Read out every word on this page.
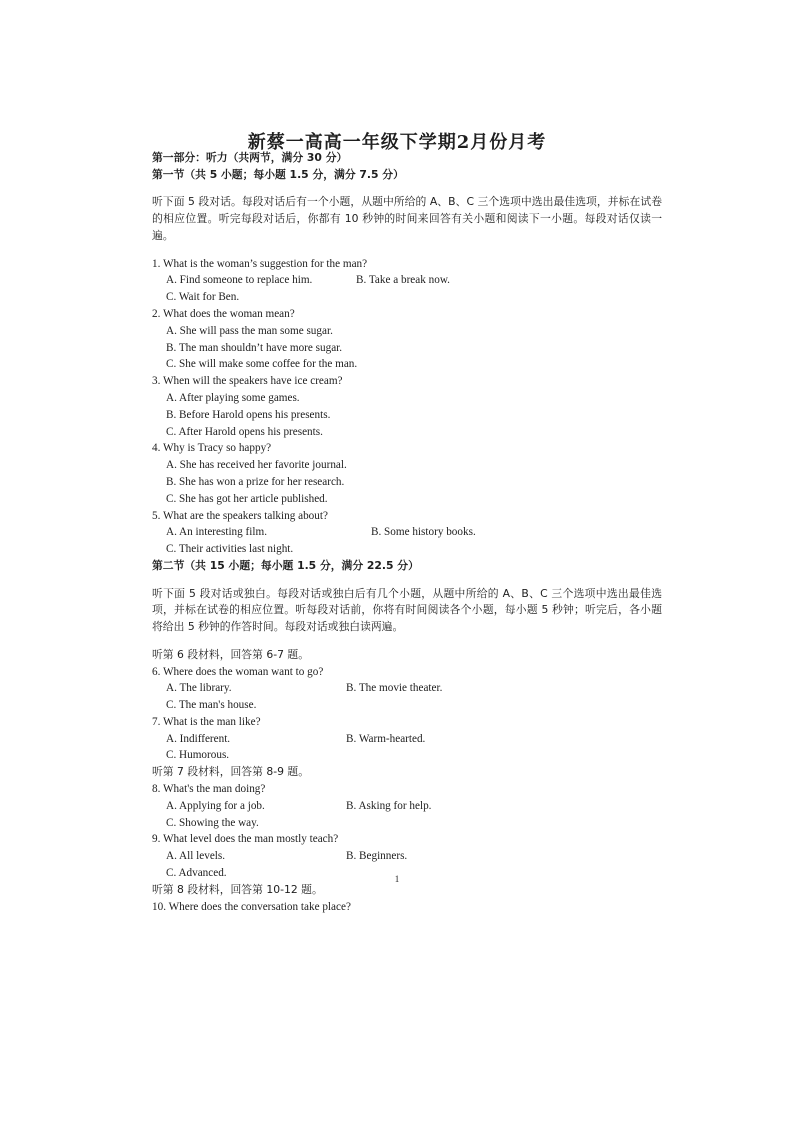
新蔡一高高一年级下学期2月份月考

第一部分：听力（共两节，满分 30 分）

第一节（共 5 小题；每小题 1.5 分，满分 7.5 分）

听下面 5 段对话。每段对话后有一个小题，从题中所给的 A、B、C 三个选项中选出最佳选项，并标在试卷的相应位置。听完每段对话后，你都有 10 秒钟的时间来回答有关小题和阅读下一小题。每段对话仅读一遍。

1. What is the woman’s suggestion for the man?

A. Find someone to replace him.	B. Take a break now.

C. Wait for Ben.

2. What does the woman mean?

A. She will pass the man some sugar.

B. The man shouldn’t have more sugar.

C. She will make some coffee for the man.

3. When will the speakers have ice cream?

A. After playing some games.

B. Before Harold opens his presents.

C. After Harold opens his presents.

4. Why is Tracy so happy?

A. She has received her favorite journal.

B. She has won a prize for her research.

C. She has got her article published.

5. What are the speakers talking about?

A. An interesting film.	B. Some history books.

C. Their activities last night.

第二节（共 15 小题；每小题 1.5 分，满分 22.5 分）

听下面 5 段对话或独白。每段对话或独白后有几个小题，从题中所给的 A、B、C 三个选项中选出最佳选项，并标在试卷的相应位置。听每段对话前，你将有时间阅读各个小题，每小题 5 秒钟；听完后，各小题将给出 5 秒钟的作答时间。每段对话或独白读两遍。

听第 6 段材料，回答第 6-7 题。

6. Where does the woman want to go?

A. The library.	B. The movie theater.

C. The man's house.

7. What is the man like?

A. Indifferent.	B. Warm-hearted.

C. Humorous.

听第 7 段材料，回答第 8-9 题。

8. What's the man doing?

A. Applying for a job.	B. Asking for help.

C. Showing the way.

9. What level does the man mostly teach?

A. All levels.	B. Beginners.

C. Advanced.

听第 8 段材料，回答第 10-12 题。

10. Where does the conversation take place?

1
